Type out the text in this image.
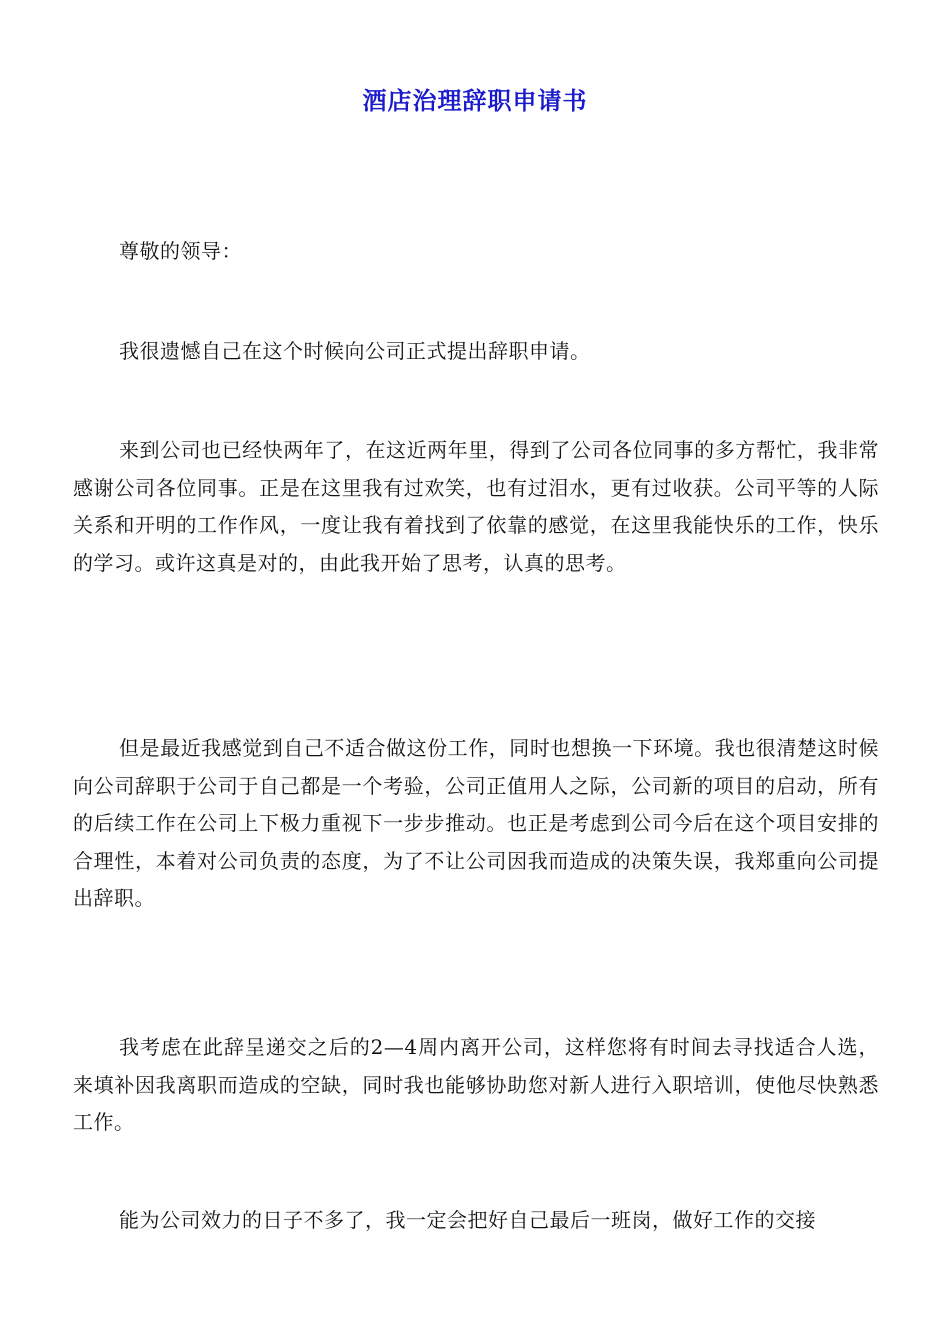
酒店治理辞职申请书

尊敬的领导：

我很遗憾自己在这个时候向公司正式提出辞职申请。

来到公司也已经快两年了，在这近两年里，得到了公司各位同事的多方帮忙，我非常感谢公司各位同事。正是在这里我有过欢笑，也有过泪水，更有过收获。公司平等的人际关系和开明的工作作风，一度让我有着找到了依靠的感觉，在这里我能快乐的工作，快乐的学习。或许这真是对的，由此我开始了思考，认真的思考。

但是最近我感觉到自己不适合做这份工作，同时也想换一下环境。我也很清楚这时候向公司辞职于公司于自己都是一个考验，公司正值用人之际，公司新的项目的启动，所有的后续工作在公司上下极力重视下一步步推动。也正是考虑到公司今后在这个项目安排的合理性，本着对公司负责的态度，为了不让公司因我而造成的决策失误，我郑重向公司提出辞职。

我考虑在此辞呈递交之后的2—4周内离开公司，这样您将有时间去寻找适合人选，来填补因我离职而造成的空缺，同时我也能够协助您对新人进行入职培训，使他尽快熟悉工作。

能为公司效力的日子不多了，我一定会把好自己最后一班岗，做好工作的交接
